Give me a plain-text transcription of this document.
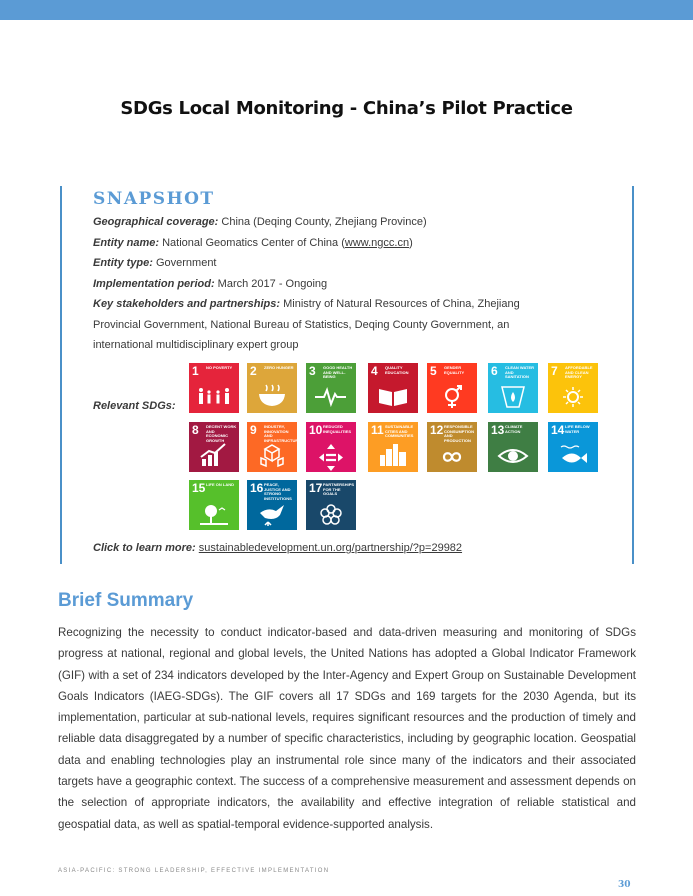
SDGs Local Monitoring - China’s Pilot Practice
SNAPSHOT
Geographical coverage: China (Deqing County, Zhejiang Province)
Entity name: National Geomatics Center of China (www.ngcc.cn)
Entity type: Government
Implementation period: March 2017 - Ongoing
Key stakeholders and partnerships: Ministry of Natural Resources of China, Zhejiang
Provincial Government, National Bureau of Statistics, Deqing County Government, an
international multidisciplinary expert group
Relevant SDGs:
1 NO POVERTY	2 ZERO HUNGER 3 GOOD HEALTH AND WELL-BEING	4 QUALITY EDUCATION	5 GENDER EQUALITY	6 CLEAN WATER AND SANITATION	7 AFFORDABLE AND CLEAN ENERGY
8 DECENT WORK AND ECONOMIC GROWTH
9 INDUSTRY, INNOVATION AND INFRASTRUCTURE
10 REDUCED INEQUALITIES 11 SUSTAINABLE CITIES AND COMMUNITIES 12 RESPONSIBLE CONSUMPTION AND PRODUCTION
13 CLIMATE ACTION	14 LIFE BELOW WATER
15 LIFE ON LAND 16 PEACE, JUSTICE AND STRONG INSTITUTIONS
17 PARTNERSHIPS FOR THE GOALS
Click to learn more: sustainabledevelopment.un.org/partnership/?p=29982
Brief Summary
Recognizing the necessity to conduct indicator-based and data-driven measuring and monitoring of SDGs progress at national, regional and global levels, the United Nations has adopted a Global Indicator Framework (GIF) with a set of 234 indicators developed by the Inter-Agency and Expert Group on Sustainable Development Goals Indicators (IAEG-SDGs). The GIF covers all 17 SDGs and 169 targets for the 2030 Agenda, but its implementation, particular at sub-national levels, requires significant resources and the production of timely and reliable data disaggregated by a number of specific characteristics, including by geographic location. Geospatial data and enabling technologies play an instrumental role since many of the indicators and their associated targets have a geographic context. The success of a comprehensive measurement and assessment depends on the selection of appropriate indicators, the availability and effective integration of reliable statistical and geospatial data, as well as spatial-temporal evidence-supported analysis.
ASIA-PACIFIC: STRONG LEADERSHIP, EFFECTIVE IMPLEMENTATION
30
